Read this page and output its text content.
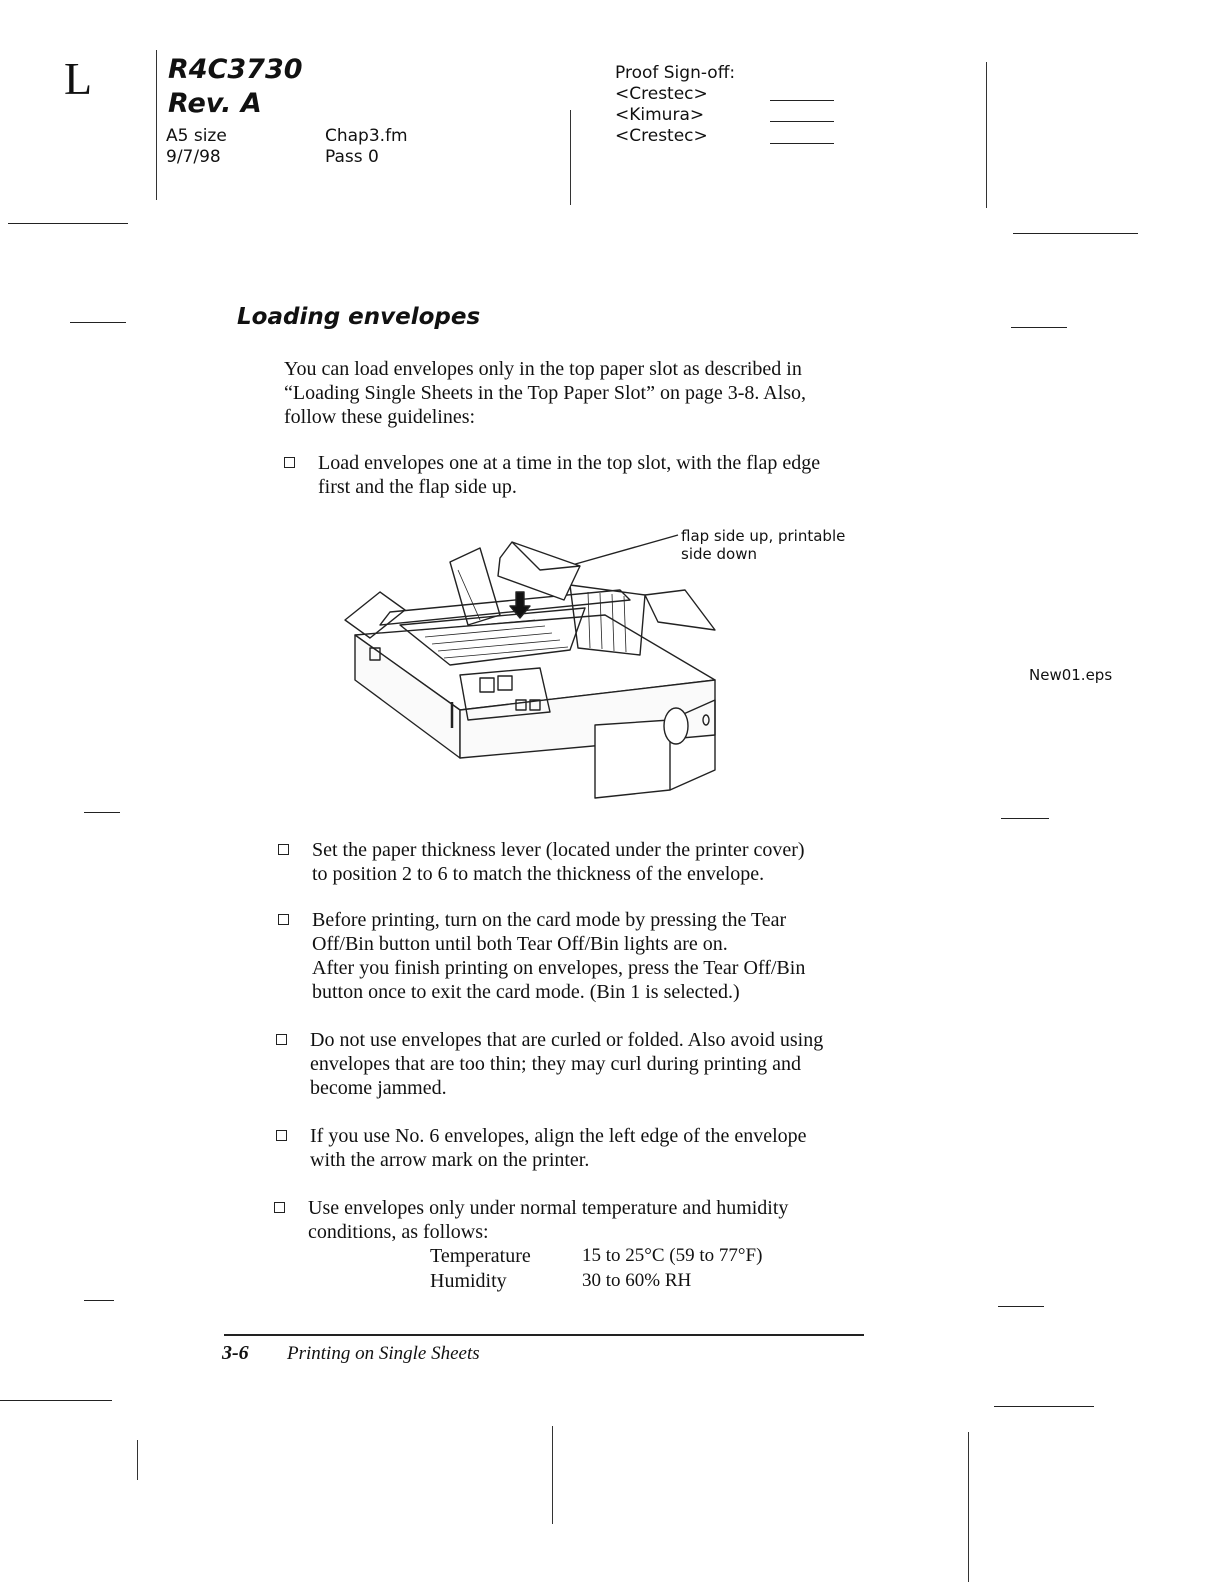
L	R4C3730
Rev. A
A5 size
9/7/98
Chap3.fm
Pass 0
Proof Sign-off:
<Crestec>
<Kimura>
<Crestec>
Loading envelopes
You can load envelopes only in the top paper slot as described in
“Loading Single Sheets in the Top Paper Slot” on page 3-8. Also,
follow these guidelines:
Load envelopes one at a time in the top slot, with the flap edge
first and the flap side up.
flap side up, printable
side down
New01.eps
Set the paper thickness lever (located under the printer cover)
to position 2 to 6 to match the thickness of the envelope.
Before printing, turn on the card mode by pressing the Tear
Off/Bin button until both Tear Off/Bin lights are on.
After you finish printing on envelopes, press the Tear Off/Bin
button once to exit the card mode. (Bin 1 is selected.)
Do not use envelopes that are curled or folded. Also avoid using
envelopes that are too thin; they may curl during printing and
become jammed.
If you use No. 6 envelopes, align the left edge of the envelope
with the arrow mark on the printer.
Use envelopes only under normal temperature and humidity
conditions, as follows:
Temperature	15 to 25°C (59 to 77°F)
Humidity	30 to 60% RH
3-6 Printing on Single Sheets
